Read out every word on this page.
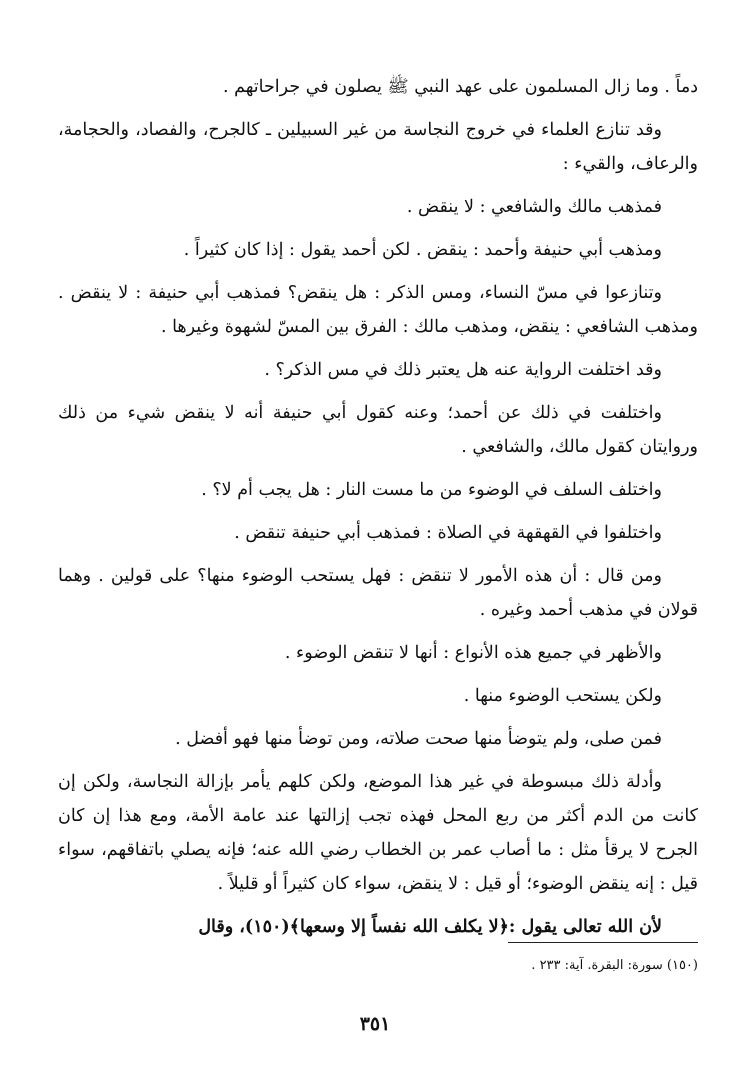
دماً . وما زال المسلمون على عهد النبي ﷺ يصلون في جراحاتهم .

وقد تنازع العلماء في خروج النجاسة من غير السبيلين ـ كالجرح، والفصاد، والحجامة، والرعاف، والقيء :

فمذهب مالك والشافعي : لا ينقض .

ومذهب أبي حنيفة وأحمد : ينقض . لكن أحمد يقول : إذا كان كثيراً .

وتنازعوا في مسّ النساء، ومس الذكر : هل ينقض؟ فمذهب أبي حنيفة : لا ينقض . ومذهب الشافعي : ينقض، ومذهب مالك : الفرق بين المسّ لشهوة وغيرها .

وقد اختلفت الرواية عنه هل يعتبر ذلك في مس الذكر؟ .

واختلفت في ذلك عن أحمد؛ وعنه كقول أبي حنيفة أنه لا ينقض شيء من ذلك وروايتان كقول مالك، والشافعي .

واختلف السلف في الوضوء من ما مست النار : هل يجب أم لا؟ .

واختلفوا في القهقهة في الصلاة : فمذهب أبي حنيفة تنقض .

ومن قال : أن هذه الأمور لا تنقض : فهل يستحب الوضوء منها؟ على قولين . وهما قولان في مذهب أحمد وغيره .

والأظهر في جميع هذه الأنواع : أنها لا تنقض الوضوء .

ولكن يستحب الوضوء منها .

فمن صلى، ولم يتوضأ منها صحت صلاته، ومن توضأ منها فهو أفضل .

وأدلة ذلك مبسوطة في غير هذا الموضع، ولكن كلهم يأمر بإزالة النجاسة، ولكن إن كانت من الدم أكثر من ربع المحل فهذه تجب إزالتها عند عامة الأمة، ومع هذا إن كان الجرح لا يرقأ مثل : ما أصاب عمر بن الخطاب رضي الله عنه؛ فإنه يصلي باتفاقهم، سواء قيل : إنه ينقض الوضوء؛ أو قيل : لا ينقض، سواء كان كثيراً أو قليلاً .

لأن الله تعالى يقول :﴿لا يكلف الله نفساً إلا وسعها﴾(١٥٠)، وقال

(١٥٠) سورة: البقرة. آية: ٢٣٣ .
٣٥١
